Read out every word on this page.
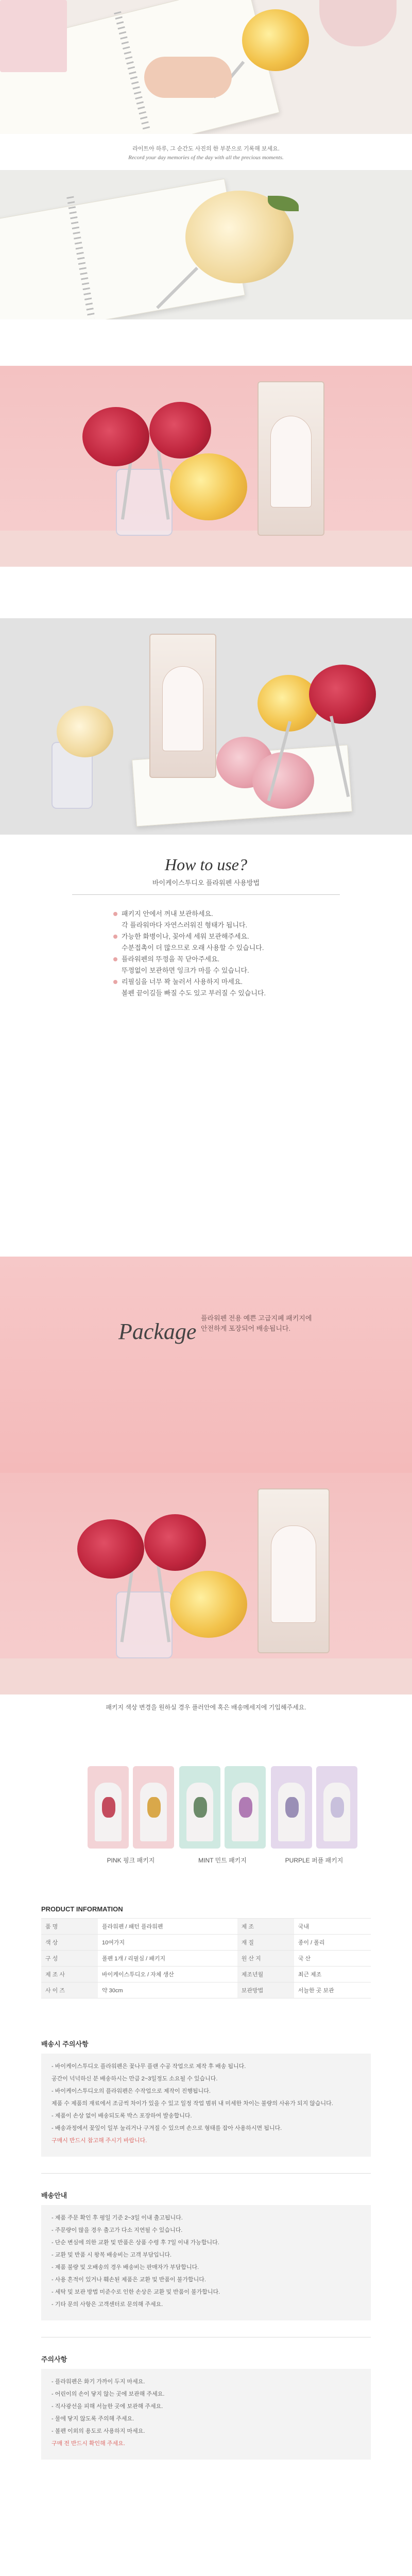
라이트아 하루, 그 순간도 사진의 한 부분으로 기록해 보세요.
Record your day memories of the day with all the precious moments.
How to use?
바이케이스투디오 플라워펜 사용방법
패키지 안에서 꺼내 보관하세요.
각 플라워마다 자연스러워진 형태가 됩니다.
가능한 화병이나, 꽂아세 세워 보관해주세요.
수분접촉이 더 많으므로 오래 사용할 수 있습니다.
플라워펜의 뚜껑을 꼭 닫아주세요.
뚜껑없이 보관하면 잉크가 마를 수 있습니다.
리필심을 너무 꽉 눌러서 사용하지 마세요.
볼펜 끝이길들 빠질 수도 있고 부러질 수 있습니다.
Package
플라워펜 전용 예쁜 고급지폐 패키지에
안전하게 포장되어 배송됩니다.
패키지 색상 변경을 원하실 경우 플러안에 혹은 배송메세지에 기입해주세요.
PINK 핑크 패키지	MINT 민트 패키지	PURPLE 퍼플 패키지
PRODUCT INFORMATION
품 명	플라워펜 / 패턴 플라워펜	제 조	국내
색 상	10여가지	재 질	종이 / 폴리
구 성	폴펜 1개 / 리필심 / 패키지	원 산 지	국 산
제 조 사	바이케이스투디오 / 자체 생산	제조년월	최근 제조
사 이 즈	약 30cm	보관방법	서늘한 곳 보관
배송시 주의사항

- 바이케이스투디오 플라워펜은 꽃나무 플랜 수공 작업으로 제작 후 배송 됩니다.

공간이 넉넉하신 분 배송하시는 만큼 2~3일정도 소요될 수 있습니다.

- 바이케이스투디오의 플라워펜은 수작업으로 제작이 진행됩니다.

제품 수 제품의 재료에서 조금씩 차이가 있을 수 있고 일정 작업 범위 내 미세한 차이는 불량의 사유가 되지 않습니다.

- 제품이 손상 없이 배송되도록 박스 포장하여 발송합니다.

- 배송과정에서 꽃잎이 일부 눌리거나 구겨질 수 있으며 손으로 형태를 잡아 사용하시면 됩니다.

구매시 반드시 참고해 주시기 바랍니다.

배송안내

- 제품 주문 확인 후 평일 기준 2~3일 이내 출고됩니다.

- 주문량이 많을 경우 출고가 다소 지연될 수 있습니다.

- 단순 변심에 의한 교환 및 반품은 상품 수령 후 7일 이내 가능합니다.

- 교환 및 반품 시 왕복 배송비는 고객 부담입니다.

- 제품 불량 및 오배송의 경우 배송비는 판매자가 부담합니다.

- 사용 흔적이 있거나 훼손된 제품은 교환 및 반품이 불가합니다.

- 세탁 및 보관 방법 미준수로 인한 손상은 교환 및 반품이 불가합니다.

- 기타 문의 사항은 고객센터로 문의해 주세요.

주의사항

- 플라워펜은 화기 가까이 두지 마세요.

- 어린이의 손이 닿지 않는 곳에 보관해 주세요.

- 직사광선을 피해 서늘한 곳에 보관해 주세요.

- 물에 닿지 않도록 주의해 주세요.

- 볼펜 이외의 용도로 사용하지 마세요.

구매 전 반드시 확인해 주세요.
